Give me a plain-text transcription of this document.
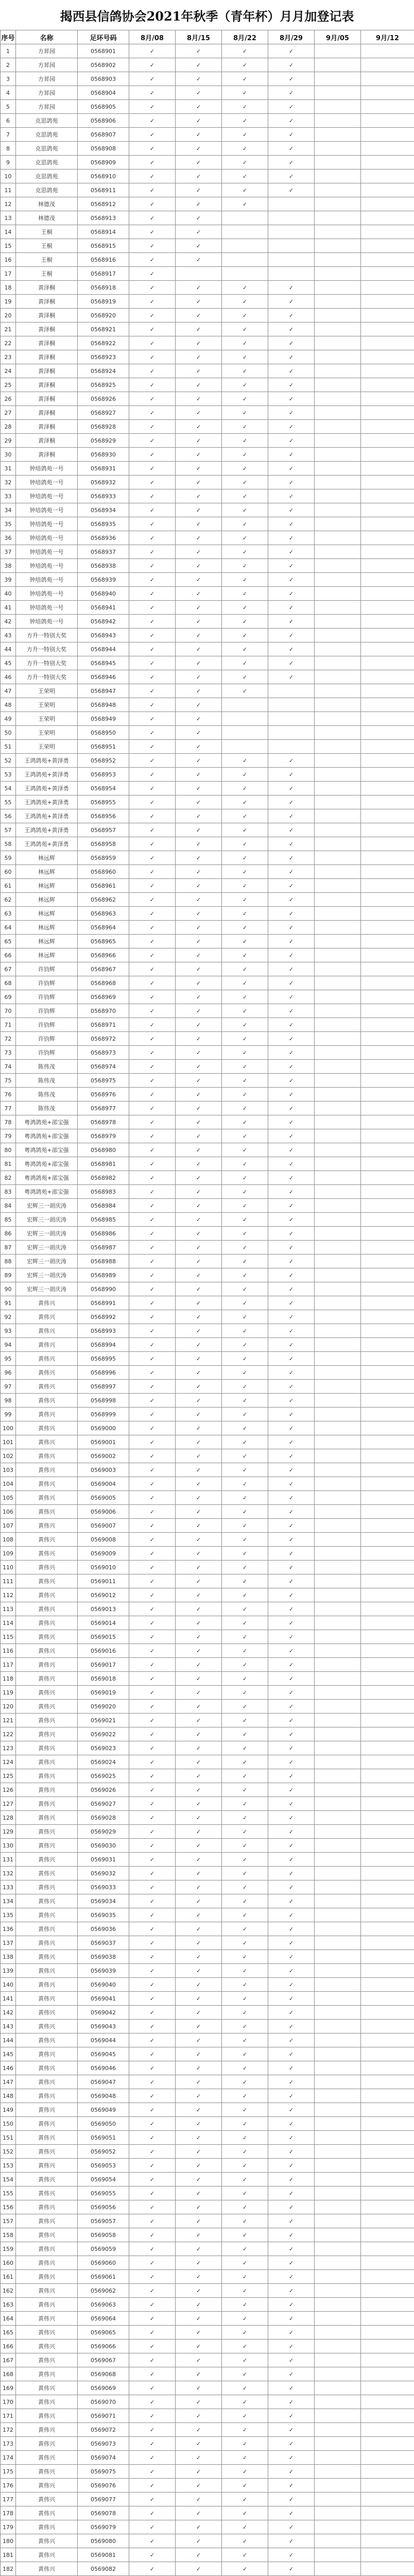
揭西县信鸽协会2021年秋季（青年杯）月月加登记表
序号	名称	足环号码	8月/08	8月/15	8月/22	8月/29	9月/05	9月/12
1	方昇园	0568901	✓	✓	✓	✓		
2	方昇园	0568902	✓	✓	✓	✓		
3	方昇园	0568903	✓	✓	✓	✓		
4	方昇园	0568904	✓	✓	✓	✓		
5	方昇园	0568905	✓	✓	✓	✓		
6	克思鸽苑	0568906	✓	✓	✓	✓		
7	克思鸽苑	0568907	✓	✓	✓	✓		
8	克思鸽苑	0568908	✓	✓	✓	✓		
9	克思鸽苑	0568909	✓	✓	✓	✓		
10	克思鸽苑	0568910	✓	✓	✓	✓		
11	克思鸽苑	0568911	✓	✓	✓	✓		
12	林德茂	0568912	✓	✓	✓			
13	林德茂	0568913	✓	✓				
14	王桐	0568914	✓	✓				
15	王桐	0568915	✓	✓				
16	王桐	0568916	✓	✓				
17	王桐	0568917	✓					
18	黄泽桐	0568918	✓	✓	✓	✓		
19	黄泽桐	0568919	✓	✓	✓	✓		
20	黄泽桐	0568920	✓	✓	✓	✓		
21	黄泽桐	0568921	✓	✓	✓	✓		
22	黄泽桐	0568922	✓	✓	✓	✓		
23	黄泽桐	0568923	✓	✓	✓	✓		
24	黄泽桐	0568924	✓	✓	✓	✓		
25	黄泽桐	0568925	✓	✓	✓	✓		
26	黄泽桐	0568926	✓	✓	✓	✓		
27	黄泽桐	0568927	✓	✓	✓	✓		
28	黄泽桐	0568928	✓	✓	✓	✓		
29	黄泽桐	0568929	✓	✓	✓	✓		
30	黄泽桐	0568930	✓	✓	✓	✓		
31	钟培鸽苑一号	0568931	✓	✓	✓	✓		
32	钟培鸽苑一号	0568932	✓	✓	✓	✓		
33	钟培鸽苑一号	0568933	✓	✓	✓	✓		
34	钟培鸽苑一号	0568934	✓	✓	✓	✓		
35	钟培鸽苑一号	0568935	✓	✓	✓	✓		
36	钟培鸽苑一号	0568936	✓	✓	✓	✓		
37	钟培鸽苑一号	0568937	✓	✓	✓	✓		
38	钟培鸽苑一号	0568938	✓	✓	✓	✓		
39	钟培鸽苑一号	0568939	✓	✓	✓	✓		
40	钟培鸽苑一号	0568940	✓	✓	✓	✓		
41	钟培鸽苑一号	0568941	✓	✓	✓	✓		
42	钟培鸽苑一号	0568942	✓	✓	✓	✓		
43	方升一特别大奖	0568943	✓	✓	✓	✓		
44	方升一特别大奖	0568944	✓	✓	✓	✓		
45	方升一特别大奖	0568945	✓	✓	✓	✓		
46	方升一特别大奖	0568946	✓	✓	✓	✓		
47	王荣明	0568947	✓	✓	✓			
48	王荣明	0568948	✓	✓				
49	王荣明	0568949	✓	✓				
50	王荣明	0568950	✓	✓				
51	王荣明	0568951	✓	✓				
52	王鸿鸽苑+黄泽勇	0568952	✓	✓	✓	✓		
53	王鸿鸽苑+黄泽勇	0568953	✓	✓	✓	✓		
54	王鸿鸽苑+黄泽勇	0568954	✓	✓	✓	✓		
55	王鸿鸽苑+黄泽勇	0568955	✓	✓	✓	✓		
56	王鸿鸽苑+黄泽勇	0568956	✓	✓	✓	✓		
57	王鸿鸽苑+黄泽勇	0568957	✓	✓	✓	✓		
58	王鸿鸽苑+黄泽勇	0568958	✓	✓	✓	✓		
59	林远辉	0568959	✓	✓	✓	✓		
60	林远辉	0568960	✓	✓	✓	✓		
61	林远辉	0568961	✓	✓	✓	✓		
62	林远辉	0568962	✓	✓	✓	✓		
63	林远辉	0568963	✓	✓	✓	✓		
64	林远辉	0568964	✓	✓	✓	✓		
65	林远辉	0568965	✓	✓	✓	✓		
66	林远辉	0568966	✓	✓	✓	✓		
67	许钧辉	0568967	✓	✓	✓	✓		
68	许钧辉	0568968	✓	✓	✓	✓		
69	许钧辉	0568969	✓	✓	✓	✓		
70	许钧辉	0568970	✓	✓	✓	✓		
71	许钧辉	0568971	✓	✓	✓	✓		
72	许钧辉	0568972	✓	✓	✓	✓		
73	许钧辉	0568973	✓	✓	✓	✓		
74	陈伟茂	0568974	✓	✓	✓	✓		
75	陈伟茂	0568975	✓	✓	✓	✓		
76	陈伟茂	0568976	✓	✓	✓	✓		
77	陈伟茂	0568977	✓	✓	✓	✓		
78	粤鸿鸽苑+邵宝强	0568978	✓	✓	✓	✓		
79	粤鸿鸽苑+邵宝强	0568979	✓	✓	✓	✓		
80	粤鸿鸽苑+邵宝强	0568980	✓	✓	✓	✓		
81	粤鸿鸽苑+邵宝强	0568981	✓	✓	✓	✓		
82	粤鸿鸽苑+邵宝强	0568982	✓	✓	✓	✓		
83	粤鸿鸽苑+邵宝强	0568983	✓	✓	✓	✓		
84	宏辉三一胡庆涛	0568984	✓	✓	✓	✓		
85	宏辉三一胡庆涛	0568985	✓	✓	✓	✓		
86	宏辉三一胡庆涛	0568986	✓	✓	✓	✓		
87	宏辉三一胡庆涛	0568987	✓	✓	✓	✓		
88	宏辉三一胡庆涛	0568988	✓	✓	✓	✓		
89	宏辉三一胡庆涛	0568989	✓	✓	✓	✓		
90	宏辉三一胡庆涛	0568990	✓	✓	✓	✓		
91	黄伟兴	0568991	✓	✓	✓	✓		
92	黄伟兴	0568992	✓	✓	✓	✓		
93	黄伟兴	0568993	✓	✓	✓	✓		
94	黄伟兴	0568994	✓	✓	✓	✓		
95	黄伟兴	0568995	✓	✓	✓	✓		
96	黄伟兴	0568996	✓	✓	✓	✓		
97	黄伟兴	0568997	✓	✓	✓	✓		
98	黄伟兴	0568998	✓	✓	✓	✓		
99	黄伟兴	0568999	✓	✓	✓	✓		
100	黄伟兴	0569000	✓	✓	✓	✓		
101	黄伟兴	0569001	✓	✓	✓	✓		
102	黄伟兴	0569002	✓	✓	✓	✓		
103	黄伟兴	0569003	✓	✓	✓	✓		
104	黄伟兴	0569004	✓	✓	✓	✓		
105	黄伟兴	0569005	✓	✓	✓	✓		
106	黄伟兴	0569006	✓	✓	✓	✓		
107	黄伟兴	0569007	✓	✓	✓	✓		
108	黄伟兴	0569008	✓	✓	✓	✓		
109	黄伟兴	0569009	✓	✓	✓	✓		
110	黄伟兴	0569010	✓	✓	✓	✓		
111	黄伟兴	0569011	✓	✓	✓	✓		
112	黄伟兴	0569012	✓	✓	✓	✓		
113	黄伟兴	0569013	✓	✓	✓	✓		
114	黄伟兴	0569014	✓	✓	✓	✓		
115	黄伟兴	0569015	✓	✓	✓	✓		
116	黄伟兴	0569016	✓	✓	✓	✓		
117	黄伟兴	0569017	✓	✓	✓	✓		
118	黄伟兴	0569018	✓	✓	✓	✓		
119	黄伟兴	0569019	✓	✓	✓	✓		
120	黄伟兴	0569020	✓	✓	✓	✓		
121	黄伟兴	0569021	✓	✓	✓	✓		
122	黄伟兴	0569022	✓	✓	✓	✓		
123	黄伟兴	0569023	✓	✓	✓	✓		
124	黄伟兴	0569024	✓	✓	✓	✓		
125	黄伟兴	0569025	✓	✓	✓	✓		
126	黄伟兴	0569026	✓	✓	✓	✓		
127	黄伟兴	0569027	✓	✓	✓	✓		
128	黄伟兴	0569028	✓	✓	✓	✓		
129	黄伟兴	0569029	✓	✓	✓	✓		
130	黄伟兴	0569030	✓	✓	✓	✓		
131	黄伟兴	0569031	✓	✓	✓	✓		
132	黄伟兴	0569032	✓	✓	✓	✓		
133	黄伟兴	0569033	✓	✓	✓	✓		
134	黄伟兴	0569034	✓	✓	✓	✓		
135	黄伟兴	0569035	✓	✓	✓	✓		
136	黄伟兴	0569036	✓	✓	✓	✓		
137	黄伟兴	0569037	✓	✓	✓	✓		
138	黄伟兴	0569038	✓	✓	✓	✓		
139	黄伟兴	0569039	✓	✓	✓	✓		
140	黄伟兴	0569040	✓	✓	✓	✓		
141	黄伟兴	0569041	✓	✓	✓	✓		
142	黄伟兴	0569042	✓	✓	✓	✓		
143	黄伟兴	0569043	✓	✓	✓	✓		
144	黄伟兴	0569044	✓	✓	✓	✓		
145	黄伟兴	0569045	✓	✓	✓	✓		
146	黄伟兴	0569046	✓	✓	✓	✓		
147	黄伟兴	0569047	✓	✓	✓	✓		
148	黄伟兴	0569048	✓	✓	✓	✓		
149	黄伟兴	0569049	✓	✓	✓	✓		
150	黄伟兴	0569050	✓	✓	✓	✓		
151	黄伟兴	0569051	✓	✓	✓	✓		
152	黄伟兴	0569052	✓	✓	✓	✓		
153	黄伟兴	0569053	✓	✓	✓	✓		
154	黄伟兴	0569054	✓	✓	✓	✓		
155	黄伟兴	0569055	✓	✓	✓	✓		
156	黄伟兴	0569056	✓	✓	✓	✓		
157	黄伟兴	0569057	✓	✓	✓	✓		
158	黄伟兴	0569058	✓	✓	✓	✓		
159	黄伟兴	0569059	✓	✓	✓	✓		
160	黄伟兴	0569060	✓	✓	✓	✓		
161	黄伟兴	0569061	✓	✓	✓	✓		
162	黄伟兴	0569062	✓	✓	✓	✓		
163	黄伟兴	0569063	✓	✓	✓	✓		
164	黄伟兴	0569064	✓	✓	✓	✓		
165	黄伟兴	0569065	✓	✓	✓	✓		
166	黄伟兴	0569066	✓	✓	✓	✓		
167	黄伟兴	0569067	✓	✓	✓	✓		
168	黄伟兴	0569068	✓	✓	✓	✓		
169	黄伟兴	0569069	✓	✓	✓	✓		
170	黄伟兴	0569070	✓	✓	✓	✓		
171	黄伟兴	0569071	✓	✓	✓	✓		
172	黄伟兴	0569072	✓	✓	✓	✓		
173	黄伟兴	0569073	✓	✓	✓	✓		
174	黄伟兴	0569074	✓	✓	✓	✓		
175	黄伟兴	0569075	✓	✓	✓	✓		
176	黄伟兴	0569076	✓	✓	✓	✓		
177	黄伟兴	0569077	✓	✓	✓	✓		
178	黄伟兴	0569078	✓	✓	✓	✓		
179	黄伟兴	0569079	✓	✓	✓	✓		
180	黄伟兴	0569080	✓	✓	✓	✓		
181	黄伟兴	0569081	✓	✓	✓	✓		
182	黄伟兴	0569082	✓	✓	✓	✓		
